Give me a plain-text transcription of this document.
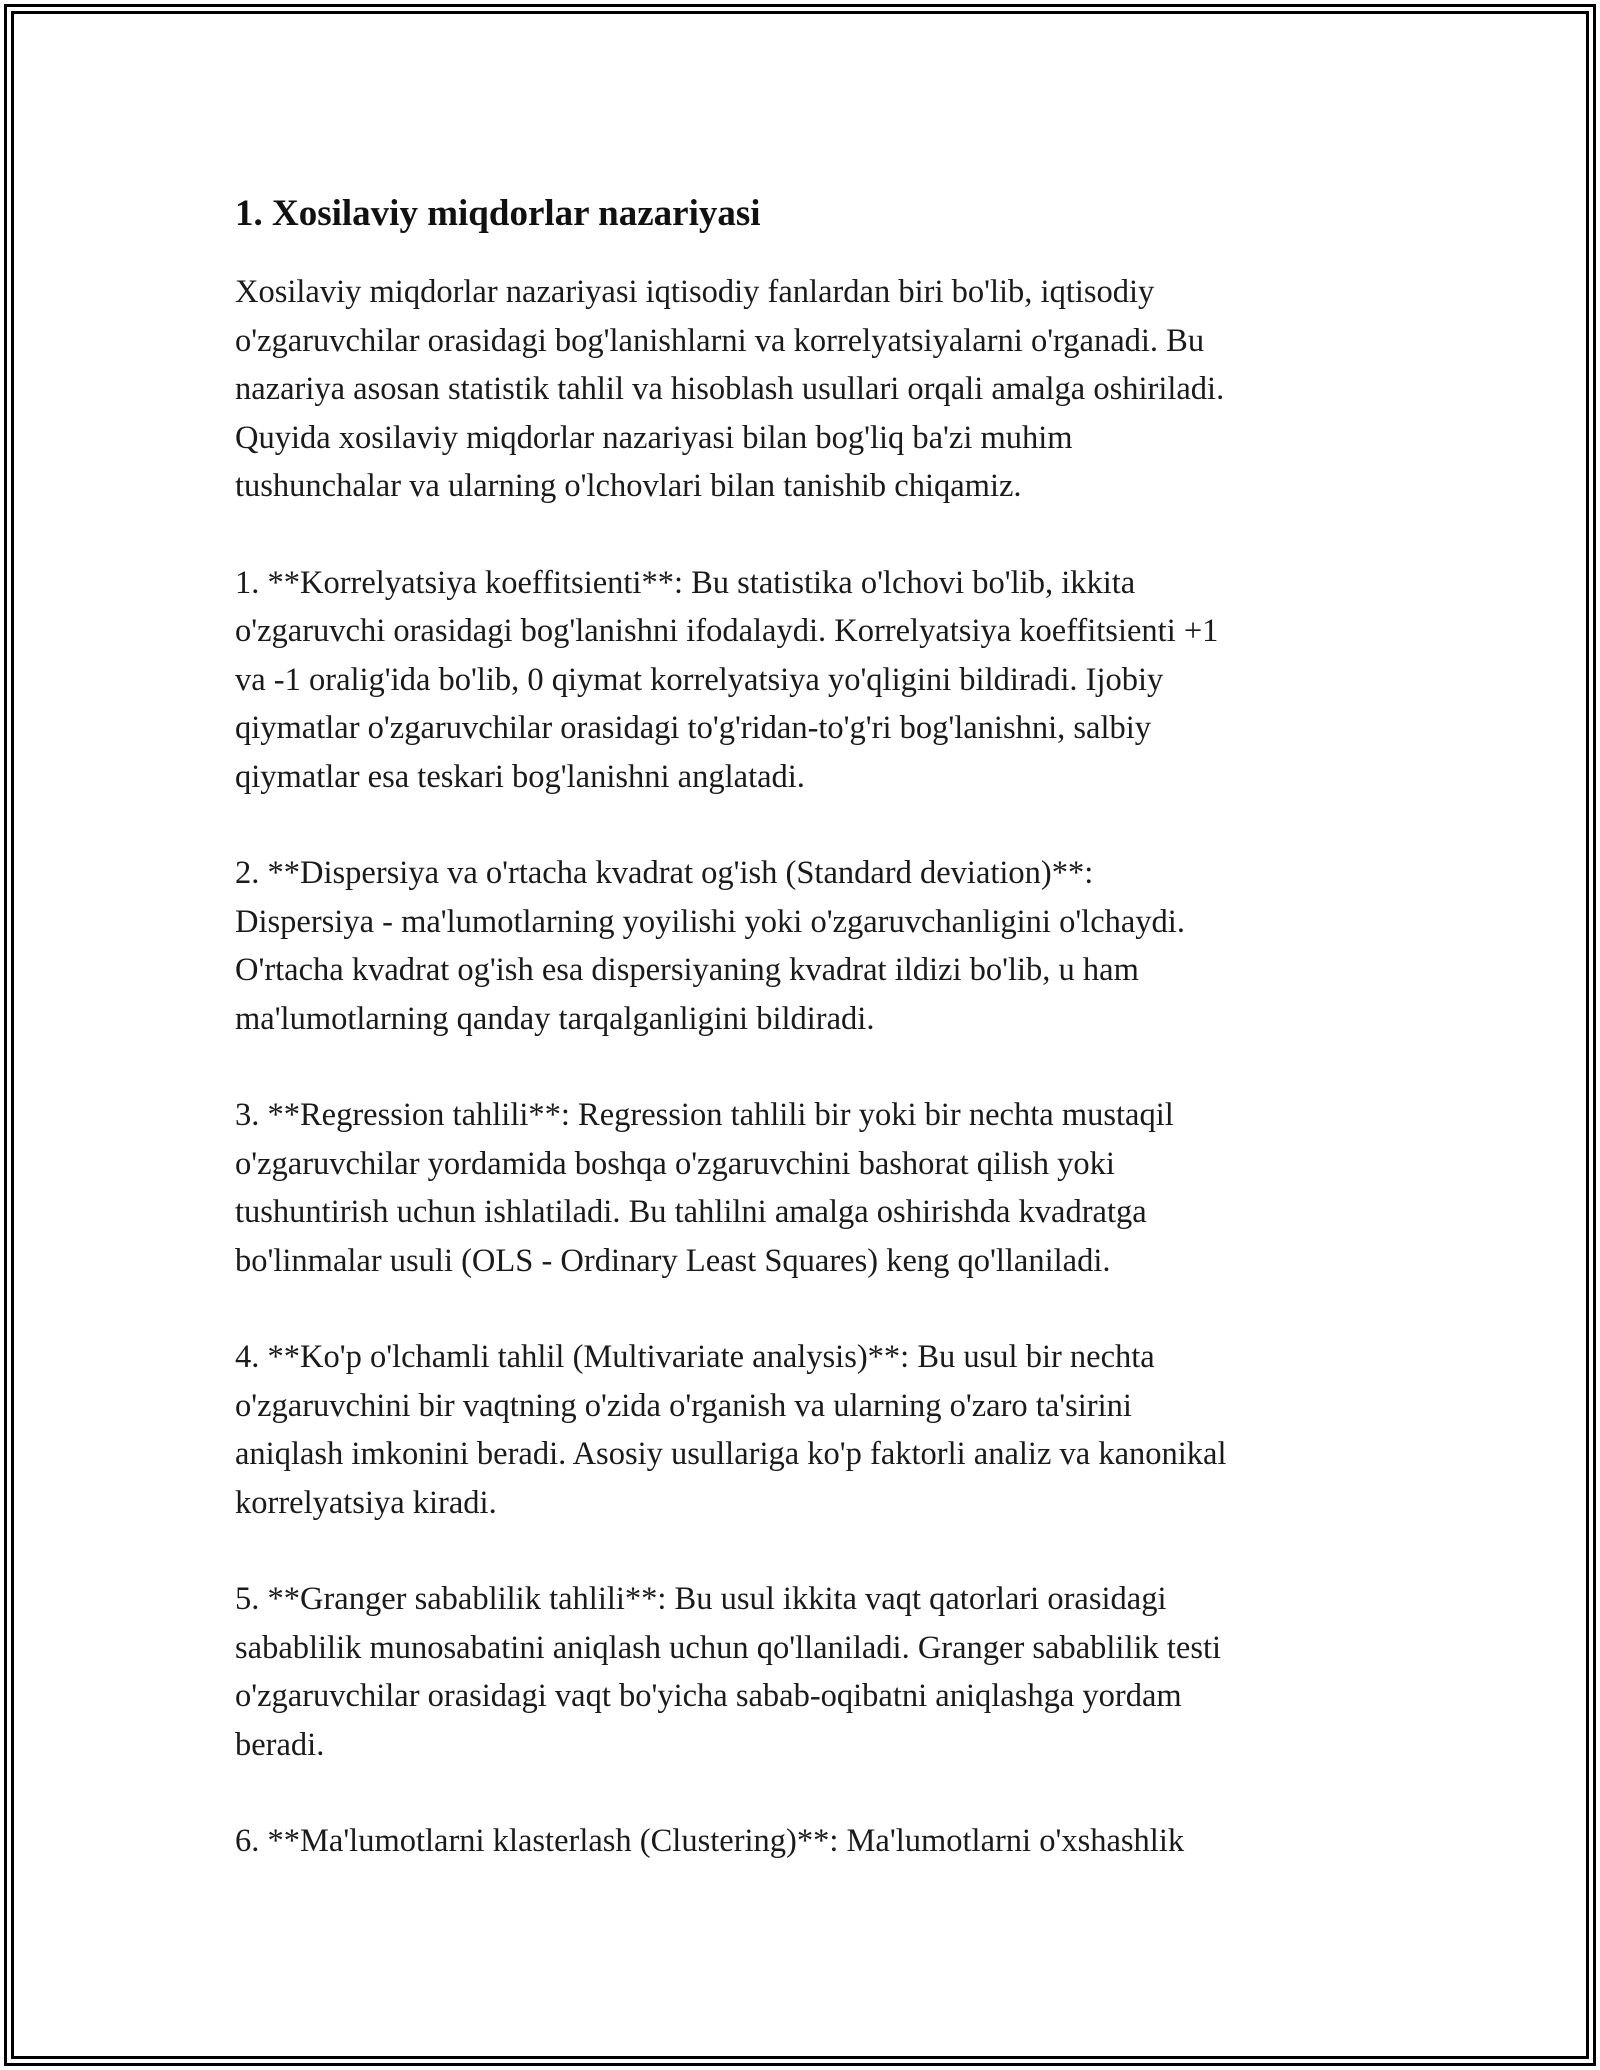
1. Xosilaviy miqdorlar nazariyasi
Xosilaviy miqdorlar nazariyasi iqtisodiy fanlardan biri bo'lib, iqtisodiy
o'zgaruvchilar orasidagi bog'lanishlarni va korrelyatsiyalarni o'rganadi. Bu
nazariya asosan statistik tahlil va hisoblash usullari orqali amalga oshiriladi.
Quyida xosilaviy miqdorlar nazariyasi bilan bog'liq ba'zi muhim
tushunchalar va ularning o'lchovlari bilan tanishib chiqamiz.
1. **Korrelyatsiya koeffitsienti**: Bu statistika o'lchovi bo'lib, ikkita
o'zgaruvchi orasidagi bog'lanishni ifodalaydi. Korrelyatsiya koeffitsienti +1
va -1 oralig'ida bo'lib, 0 qiymat korrelyatsiya yo'qligini bildiradi. Ijobiy
qiymatlar o'zgaruvchilar orasidagi to'g'ridan-to'g'ri bog'lanishni, salbiy
qiymatlar esa teskari bog'lanishni anglatadi.
2. **Dispersiya va o'rtacha kvadrat og'ish (Standard deviation)**:
Dispersiya - ma'lumotlarning yoyilishi yoki o'zgaruvchanligini o'lchaydi.
O'rtacha kvadrat og'ish esa dispersiyaning kvadrat ildizi bo'lib, u ham
ma'lumotlarning qanday tarqalganligini bildiradi.
3. **Regression tahlili**: Regression tahlili bir yoki bir nechta mustaqil
o'zgaruvchilar yordamida boshqa o'zgaruvchini bashorat qilish yoki
tushuntirish uchun ishlatiladi. Bu tahlilni amalga oshirishda kvadratga
bo'linmalar usuli (OLS - Ordinary Least Squares) keng qo'llaniladi.
4. **Ko'p o'lchamli tahlil (Multivariate analysis)**: Bu usul bir nechta
o'zgaruvchini bir vaqtning o'zida o'rganish va ularning o'zaro ta'sirini
aniqlash imkonini beradi. Asosiy usullariga ko'p faktorli analiz va kanonikal
korrelyatsiya kiradi.
5. **Granger sabablilik tahlili**: Bu usul ikkita vaqt qatorlari orasidagi
sabablilik munosabatini aniqlash uchun qo'llaniladi. Granger sabablilik testi
o'zgaruvchilar orasidagi vaqt bo'yicha sabab-oqibatni aniqlashga yordam
beradi.
6. **Ma'lumotlarni klasterlash (Clustering)**: Ma'lumotlarni o'xshashlik
